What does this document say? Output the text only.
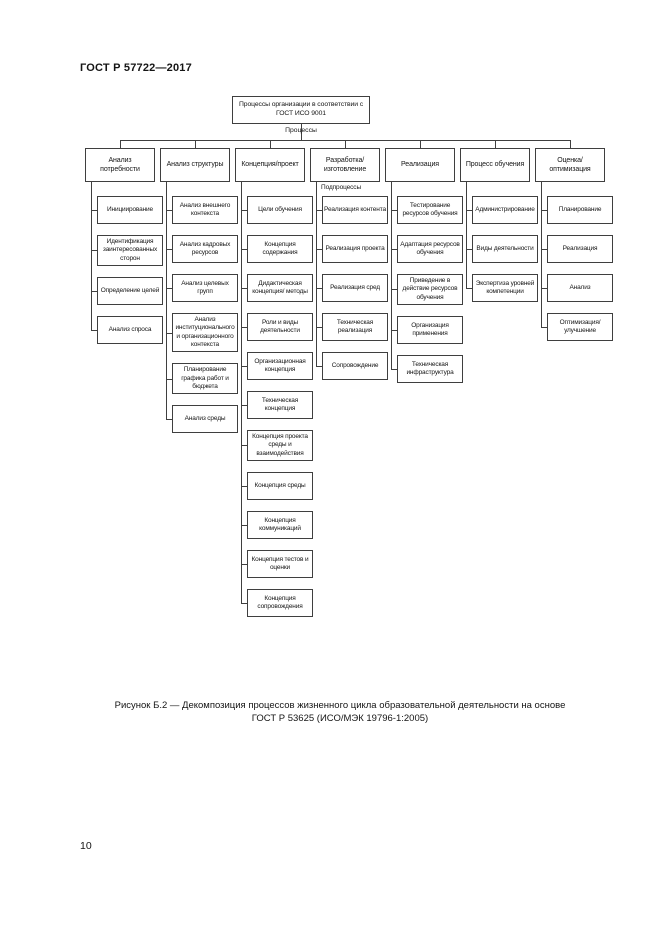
ГОСТ Р 57722—2017
Процессы организации в соответствии с ГОСТ ИСО 9001
Процессы
Анализ потребности
Инициирование
Идентификация заинтересованных сторон
Определение целей
Анализ спроса
Анализ структуры
Анализ внешнего контекста
Анализ кадровых ресурсов
Анализ целевых групп
Анализ институционального и организационного контекста
Планирование графика работ и бюджета
Анализ среды
Концепция/проект
Цели обучения
Концепция содержания
Дидактическая концепция/ методы
Роли и виды деятельности
Организационная концепция
Техническая концепция
Концепция проекта среды и взаимодействия
Концепция среды
Концепция коммуникаций
Концепция тестов и оценки
Концепция сопровождения
Разработка/ изготовление
Подпроцессы
Реализация контента
Реализация проекта
Реализация сред
Техническая реализация
Сопровождение
Реализация
Тестирование ресурсов обучения
Адаптация ресурсов обучения
Приведение в действие ресурсов обучения
Организация применения
Техническая инфраструктура
Процесс обучения
Администрирование
Виды деятельности
Экспертиза уровней компетенции
Оценка/ оптимизация
Планирование
Реализация
Анализ
Оптимизация/ улучшение
Рисунок Б.2 — Декомпозиция процессов жизненного цикла образовательной деятельности на основе
ГОСТ Р 53625 (ИСО/МЭК 19796-1:2005)
10
